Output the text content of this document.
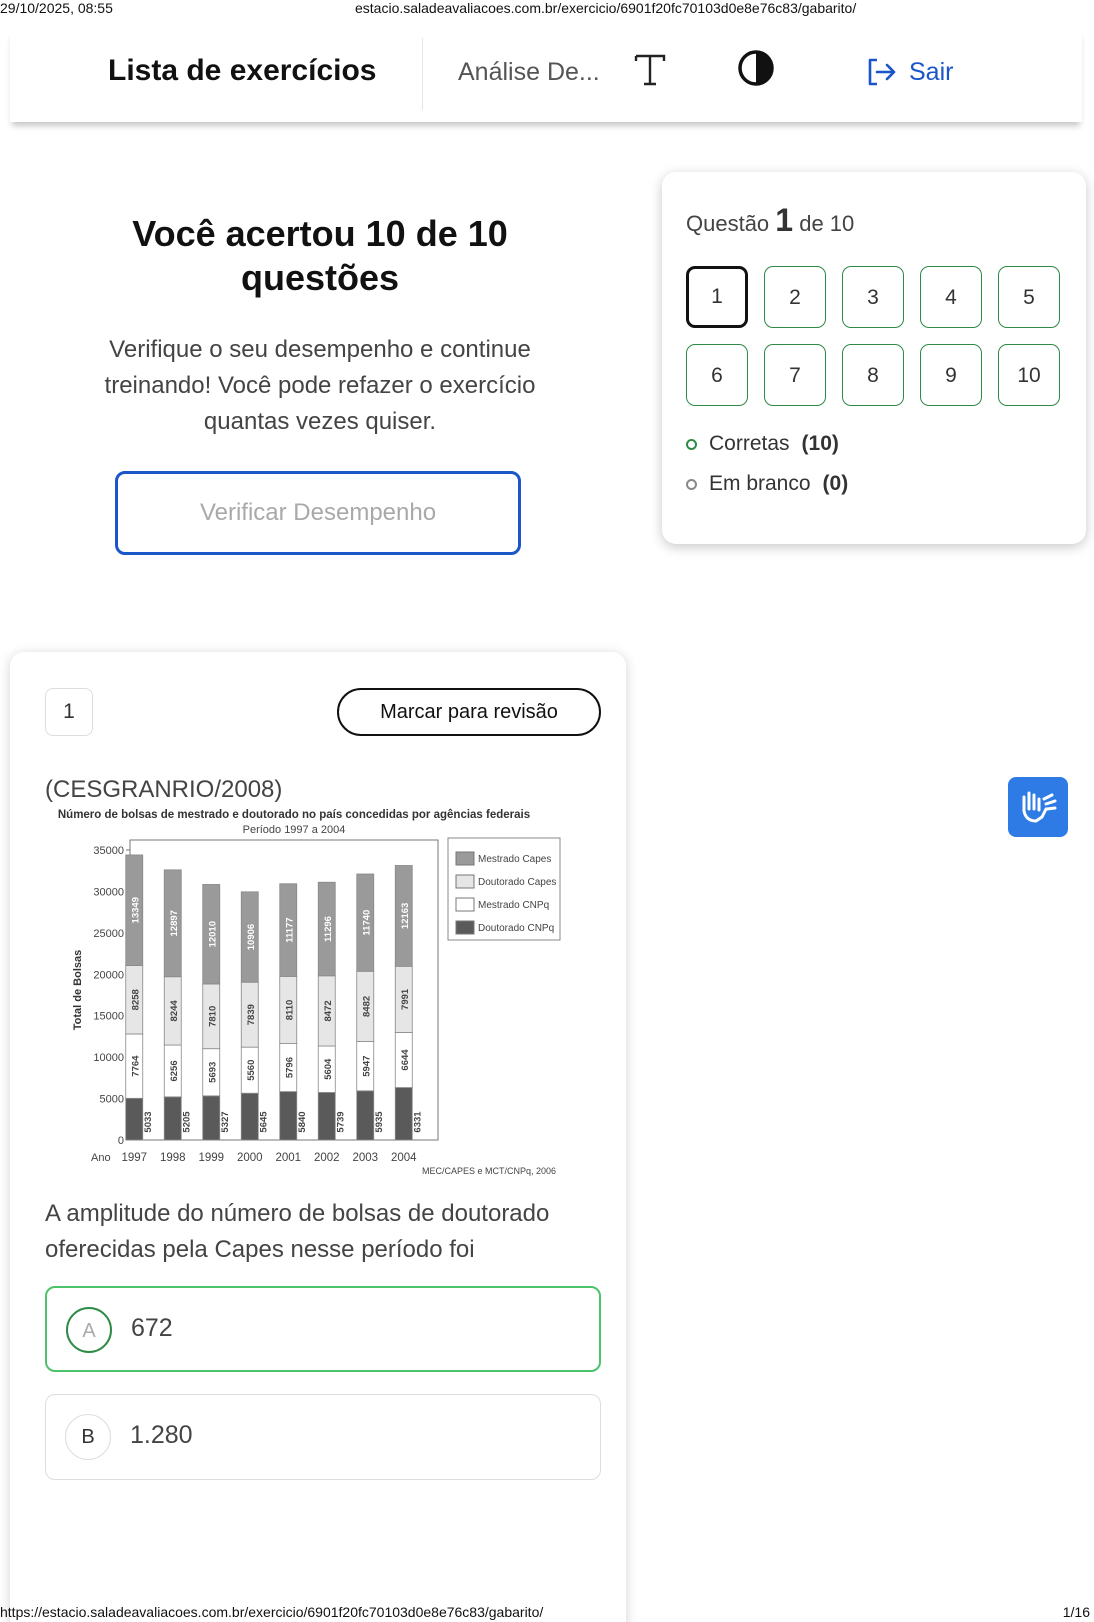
29/10/2025, 08:55	estacio.saladeavaliacoes.com.br/exercicio/6901f20fc70103d0e8e76c83/gabarito/
Lista de exercícios	Análise De...	Sair
Você acertou 10 de 10 questões

Verifique o seu desempenho e continue treinando! Você pode refazer o exercício quantas vezes quiser.

Verificar Desempenho
Questão 1 de 10
1	2	3	4	5
6	7	8	9	10
Corretas (10)
Em branco (0)
1	Marcar para revisão
(CESGRANRIO/2008)
Número de bolsas de mestrado e doutorado no país concedidas por agências federais
Período 1997 a 2004
Total de Bolsas
Ano
MEC/CAPES e MCT/CNPq, 2006
0
5000
10000
15000
20000
25000
30000
35000
5033
7764
8258
13349
1997
5205
6256
8244
12897
1998
5327
5693
7810
12010
1999
5645
5560
7839
10906
2000
5840
5796
8110
11177
2001
5739
5604
8472
11296
2002
5935
5947
8482
11740
2003
6331
6644
7991
12163
2004
Mestrado Capes
Doutorado Capes
Mestrado CNPq
Doutorado CNPq
A amplitude do número de bolsas de doutorado oferecidas pela Capes nesse período foi
A	672
B	1.280
https://estacio.saladeavaliacoes.com.br/exercicio/6901f20fc70103d0e8e76c83/gabarito/	1/16
